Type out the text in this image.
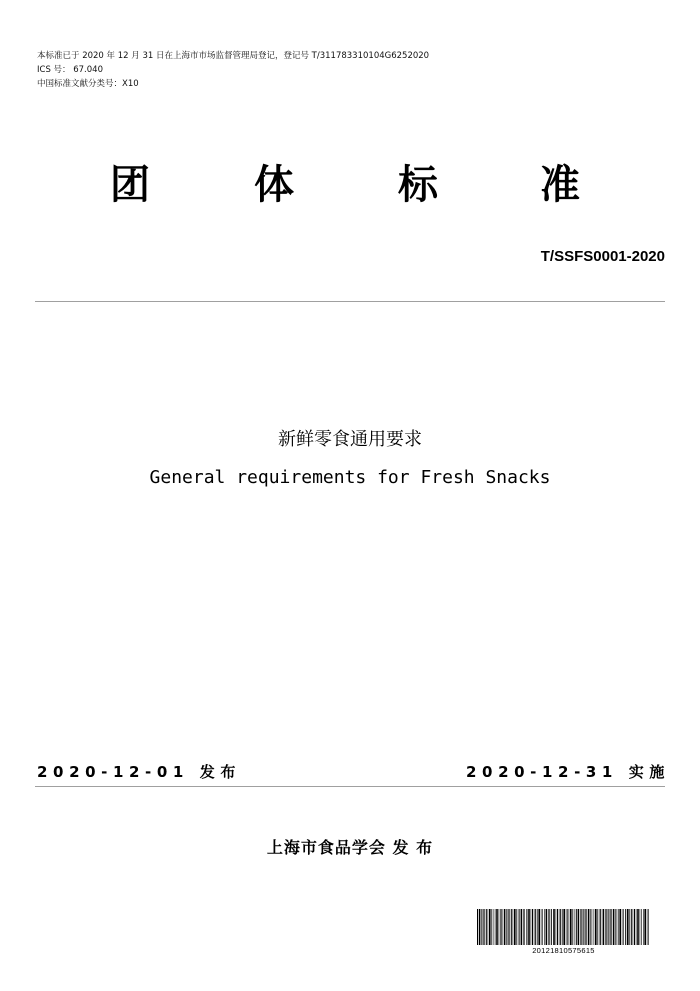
本标准已于 2020 年 12 月 31 日在上海市市场监督管理局登记，登记号 T/311783310104G6252020
ICS 号： 67.040
中国标准文献分类号：X10
团	体	标	准
T/SSFS0001-2020
新鲜零食通用要求
General requirements for Fresh Snacks
2020-12-01 发布	2020-12-31 实施
上海市食品学会 发 布
20121810575615
